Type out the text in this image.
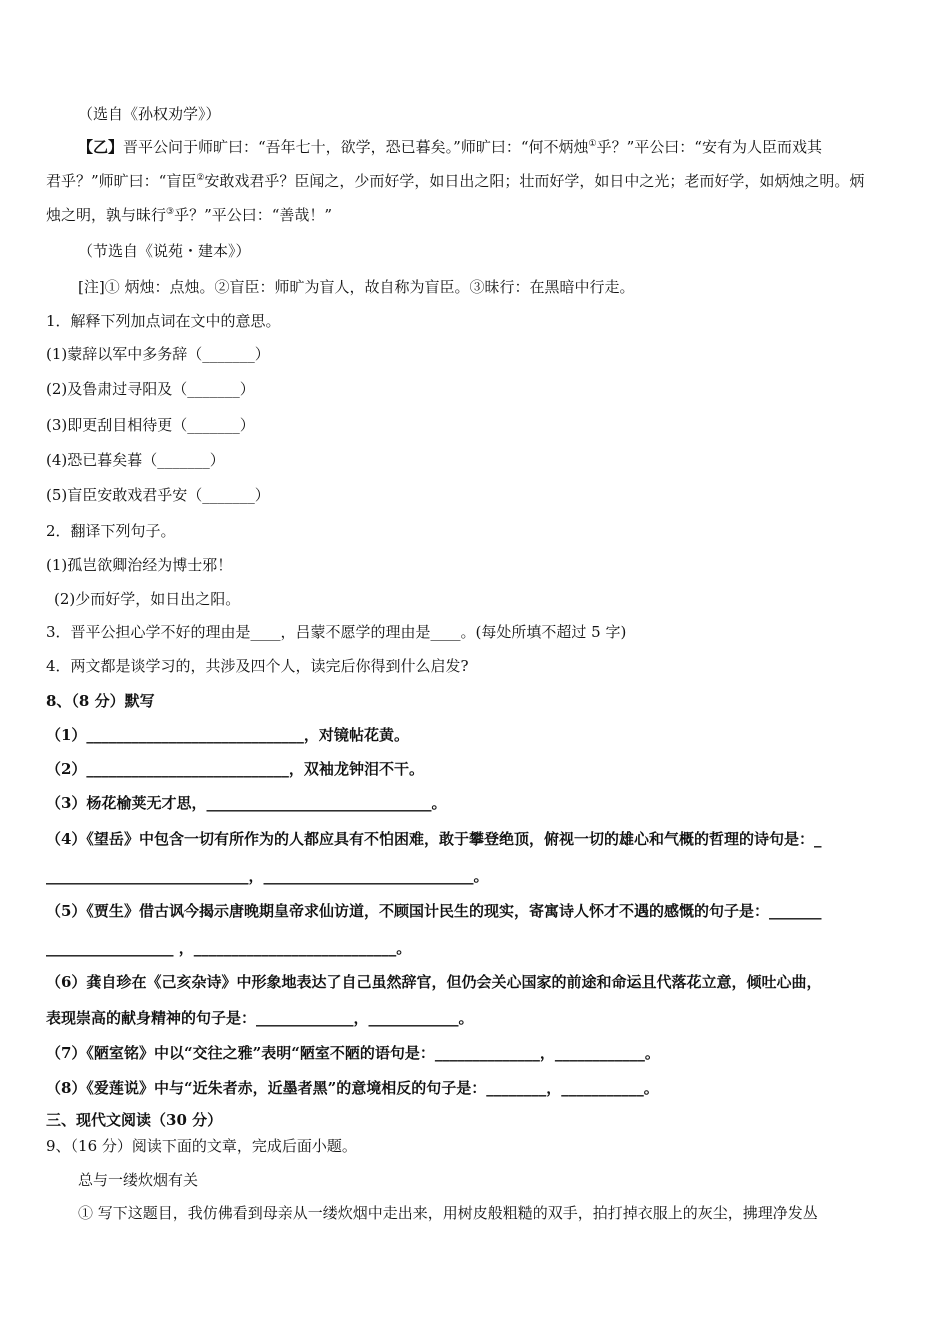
（选自《孙权劝学》）
【乙】晋平公问于师旷曰：“吾年七十，欲学，恐已暮矣。”师旷曰：“何不炳烛①乎？”平公曰：“安有为人臣而戏其
君乎？”师旷曰：“盲臣②安敢戏君乎？臣闻之，少而好学，如日出之阳；壮而好学，如日中之光；老而好学，如炳烛之明。炳
烛之明，孰与昧行③乎？”平公曰：“善哉！”
（节选自《说苑・建本》）
[注]① 炳烛：点烛。②盲臣：师旷为盲人，故自称为盲臣。③昧行：在黑暗中行走。
1．解释下列加点词在文中的意思。
(1)蒙辞以军中多务辞（_______）
(2)及鲁肃过寻阳及（_______）
(3)即更刮目相待更（_______）
(4)恐已暮矣暮（_______）
(5)盲臣安敢戏君乎安（_______）
2．翻译下列句子。
(1)孤岂欲卿治经为博士邪！
(2)少而好学，如日出之阳。
3．晋平公担心学不好的理由是____，吕蒙不愿学的理由是____。(每处所填不超过 5 字)
4．两文都是谈学习的，共涉及四个人，读完后你得到什么启发?
8、（8 分）默写
（1）_____________________________，对镜帖花黄。
（2）___________________________，双袖龙钟泪不干。
（3）杨花榆荚无才思，______________________________。
（4）《望岳》中包含一切有所作为的人都应具有不怕困难，敢于攀登绝顶，俯视一切的雄心和气概的哲理的诗句是：_
___________________________，____________________________。
（5）《贾生》借古讽今揭示唐晚期皇帝求仙访道，不顾国计民生的现实，寄寓诗人怀才不遇的感慨的句子是：_______
_________________ ，___________________________。
（6）龚自珍在《己亥杂诗》中形象地表达了自己虽然辞官，但仍会关心国家的前途和命运且代落花立意，倾吐心曲，
表现崇高的献身精神的句子是：_____________，____________。
（7）《陋室铭》中以“交往之雅”表明“陋室不陋的语句是：______________，____________。
（8）《爱莲说》中与“近朱者赤，近墨者黑”的意境相反的句子是：________，___________。
三、现代文阅读（30 分）
9、（16 分）阅读下面的文章，完成后面小题。
总与一缕炊烟有关
① 写下这题目，我仿佛看到母亲从一缕炊烟中走出来，用树皮般粗糙的双手，拍打掉衣服上的灰尘，拂理净发丛
